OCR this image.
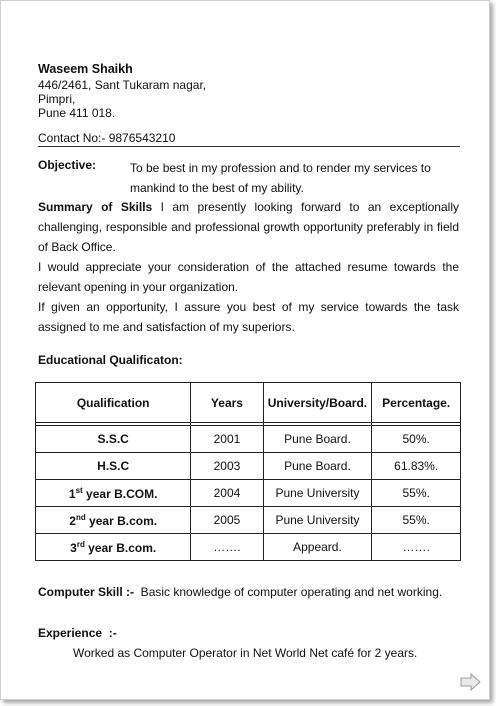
Waseem Shaikh
446/2461, Sant Tukaram nagar,
Pimpri,
Pune 411 018.
Contact No:- 9876543210
Objective:	To be best in my profession and to render my services to mankind to the best of my ability.
Summary of Skills I am presently looking forward to an exceptionally challenging, responsible and professional growth opportunity preferably in field of Back Office.
I would appreciate your consideration of the attached resume towards the relevant opening in your organization.
If given an opportunity, I assure you best of my service towards the task assigned to me and satisfaction of my superiors.
Educational Qualificaton:
Qualification	Years	University/Board.	Percentage.

S.S.C	2001	Pune Board.	50%.
H.S.C	2003	Pune Board.	61.83%.
1st year B.COM.	2004	Pune University	55%.
2nd year B.com.	2005	Pune University	55%.
3rd year B.com.	…….	Appeard.	…….
Computer Skill :-  Basic knowledge of computer operating and net working.
Experience  :-
Worked as Computer Operator in Net World Net café for 2 years.
